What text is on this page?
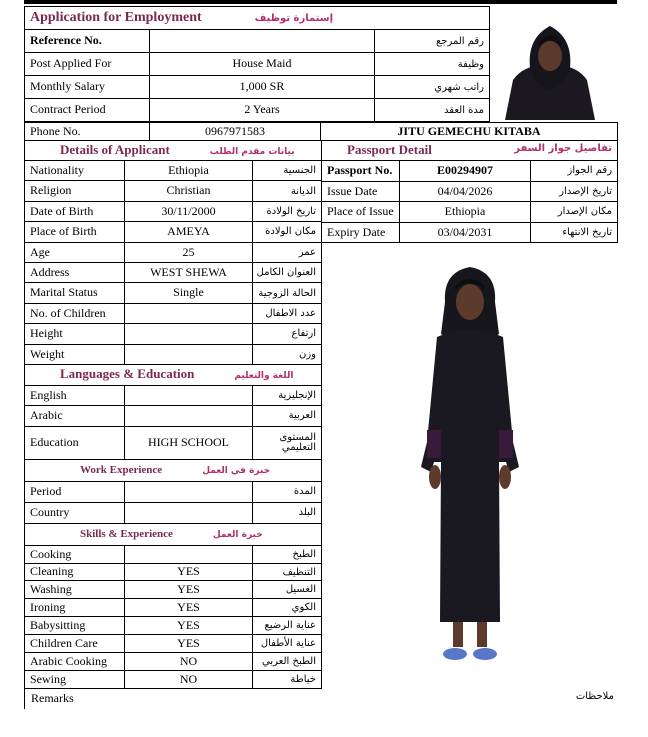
Application for Employment إستمارة توظيف		
Reference No.		رقم المرجع
Post Applied For	House Maid	وظيفة
Monthly Salary	1,000 SR	راتب شهري
Contract Period	2 Years	مدة العقد
Phone No.	0967971583	JITU GEMECHU KITABA
Details of Applicant بيانات مقدم الطلب		
Nationality	Ethiopia	الجنسية
Religion	Christian	الديانة
Date of Birth	30/11/2000	تاريخ الولادة
Place of Birth	AMEYA	مكان الولادة
Age	25	عمر
Address	WEST SHEWA	العنوان الكامل
Marital Status	Single	الحالة الزوجية
No. of Children		عدد الاطفال
Height		ارتفاع
Weight		وزن
Languages & Education اللغة والتعليم		
English		الإنجليزية
Arabic		العربية
Education	HIGH SCHOOL	المستوى التعليمي
Work Experience خبرة في العمل		
Period		المدة
Country		البلد
Skills & Experience خبرة العمل		
Cooking		الطبخ
Cleaning	YES	التنظيف
Washing	YES	الغسيل
Ironing	YES	الكوي
Babysitting	YES	عناية الرضيع
Children Care	YES	عناية الأطفال
Arabic Cooking	NO	الطبخ العربي
Sewing	NO	خياطة
Passport Detail تفاصيل جواز السفر		

Passport No.	E00294907	رقم الجواز
Issue Date	04/04/2026	تاريخ الإصدار
Place of Issue	Ethiopia	مكان الإصدار
Expiry Date	03/04/2031	تاريخ الانتهاء
Remarks	ملاحظات
